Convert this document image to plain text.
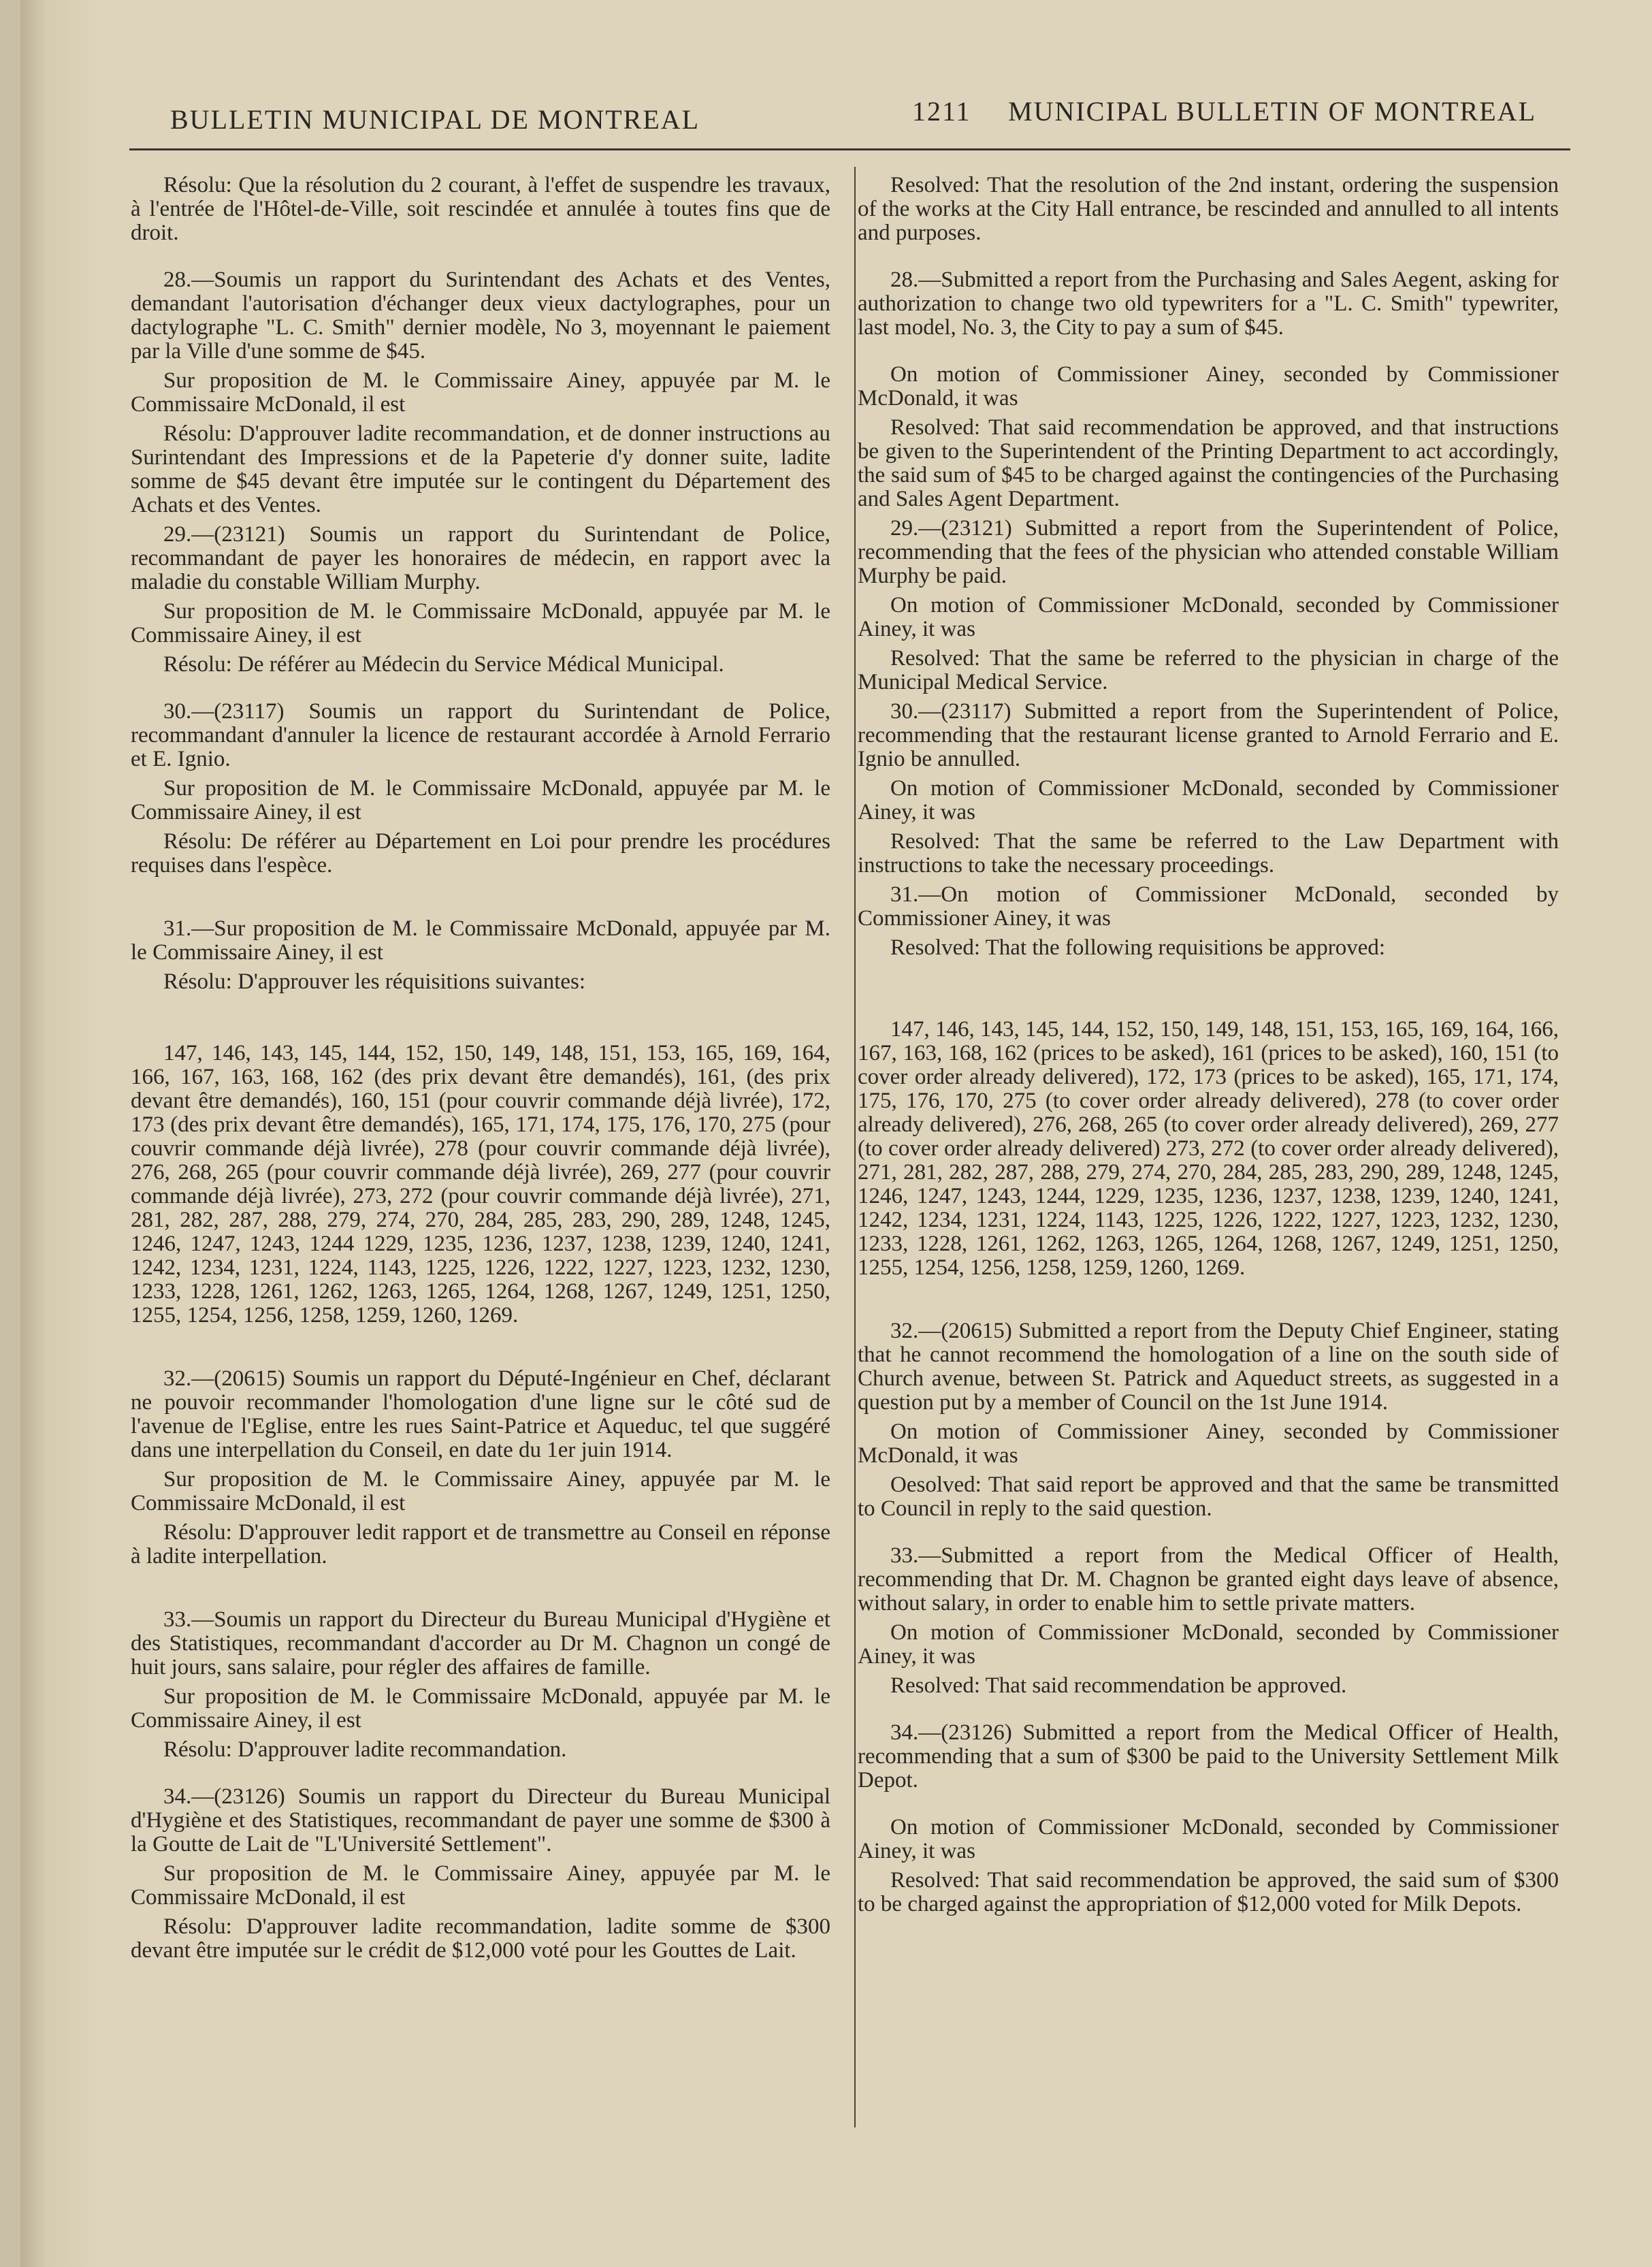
BULLETIN MUNICIPAL DE MONTREAL	1211 MUNICIPAL BULLETIN OF MONTREAL

Résolu: Que la résolution du 2 courant, à l'effet de suspendre les travaux, à l'entrée de l'Hôtel-de-Ville, soit rescindée et annulée à toutes fins que de droit.

28.—Soumis un rapport du Surintendant des Achats et des Ventes, demandant l'autorisation d'échanger deux vieux dactylographes, pour un dactylographe "L. C. Smith" dernier modèle, No 3, moyennant le paiement par la Ville d'une somme de $45.

Sur proposition de M. le Commissaire Ainey, appuyée par M. le Commissaire McDonald, il est

Résolu: D'approuver ladite recommandation, et de donner instructions au Surintendant des Impressions et de la Papeterie d'y donner suite, ladite somme de $45 devant être imputée sur le contingent du Département des Achats et des Ventes.

29.—(23121) Soumis un rapport du Surintendant de Police, recommandant de payer les honoraires de médecin, en rapport avec la maladie du constable William Murphy.

Sur proposition de M. le Commissaire McDonald, appuyée par M. le Commissaire Ainey, il est

Résolu: De référer au Médecin du Service Médical Municipal.

30.—(23117) Soumis un rapport du Surintendant de Police, recommandant d'annuler la licence de restaurant accordée à Arnold Ferrario et E. Ignio.

Sur proposition de M. le Commissaire McDonald, appuyée par M. le Commissaire Ainey, il est

Résolu: De référer au Département en Loi pour prendre les procédures requises dans l'espèce.

31.—Sur proposition de M. le Commissaire McDonald, appuyée par M. le Commissaire Ainey, il est

Résolu: D'approuver les réquisitions suivantes:

147, 146, 143, 145, 144, 152, 150, 149, 148, 151, 153, 165, 169, 164, 166, 167, 163, 168, 162 (des prix devant être demandés), 161, (des prix devant être demandés), 160, 151 (pour couvrir commande déjà livrée), 172, 173 (des prix devant être demandés), 165, 171, 174, 175, 176, 170, 275 (pour couvrir commande déjà livrée), 278 (pour couvrir commande déjà livrée), 276, 268, 265 (pour couvrir commande déjà livrée), 269, 277 (pour couvrir commande déjà livrée), 273, 272 (pour couvrir commande déjà livrée), 271, 281, 282, 287, 288, 279, 274, 270, 284, 285, 283, 290, 289, 1248, 1245, 1246, 1247, 1243, 1244 1229, 1235, 1236, 1237, 1238, 1239, 1240, 1241, 1242, 1234, 1231, 1224, 1143, 1225, 1226, 1222, 1227, 1223, 1232, 1230, 1233, 1228, 1261, 1262, 1263, 1265, 1264, 1268, 1267, 1249, 1251, 1250, 1255, 1254, 1256, 1258, 1259, 1260, 1269.

32.—(20615) Soumis un rapport du Député-Ingénieur en Chef, déclarant ne pouvoir recommander l'homologation d'une ligne sur le côté sud de l'avenue de l'Eglise, entre les rues Saint-Patrice et Aqueduc, tel que suggéré dans une interpellation du Conseil, en date du 1er juin 1914.

Sur proposition de M. le Commissaire Ainey, appuyée par M. le Commissaire McDonald, il est

Résolu: D'approuver ledit rapport et de transmettre au Conseil en réponse à ladite interpellation.

33.—Soumis un rapport du Directeur du Bureau Municipal d'Hygiène et des Statistiques, recommandant d'accorder au Dr M. Chagnon un congé de huit jours, sans salaire, pour régler des affaires de famille.

Sur proposition de M. le Commissaire McDonald, appuyée par M. le Commissaire Ainey, il est

Résolu: D'approuver ladite recommandation.

34.—(23126) Soumis un rapport du Directeur du Bureau Municipal d'Hygiène et des Statistiques, recommandant de payer une somme de $300 à la Goutte de Lait de "L'Université Settlement".

Sur proposition de M. le Commissaire Ainey, appuyée par M. le Commissaire McDonald, il est

Résolu: D'approuver ladite recommandation, ladite somme de $300 devant être imputée sur le crédit de $12,000 voté pour les Gouttes de Lait.

Resolved: That the resolution of the 2nd instant, ordering the suspension of the works at the City Hall entrance, be rescinded and annulled to all intents and purposes.

28.—Submitted a report from the Purchasing and Sales Aegent, asking for authorization to change two old typewriters for a "L. C. Smith" typewriter, last model, No. 3, the City to pay a sum of $45.

On motion of Commissioner Ainey, seconded by Commissioner McDonald, it was

Resolved: That said recommendation be approved, and that instructions be given to the Superintendent of the Printing Department to act accordingly, the said sum of $45 to be charged against the contingencies of the Purchasing and Sales Agent Department.

29.—(23121) Submitted a report from the Superintendent of Police, recommending that the fees of the physician who attended constable William Murphy be paid.

On motion of Commissioner McDonald, seconded by Commissioner Ainey, it was

Resolved: That the same be referred to the physician in charge of the Municipal Medical Service.

30.—(23117) Submitted a report from the Superintendent of Police, recommending that the restaurant license granted to Arnold Ferrario and E. Ignio be annulled.

On motion of Commissioner McDonald, seconded by Commissioner Ainey, it was

Resolved: That the same be referred to the Law Department with instructions to take the necessary proceedings.

31.—On motion of Commissioner McDonald, seconded by Commissioner Ainey, it was

Resolved: That the following requisitions be approved:

147, 146, 143, 145, 144, 152, 150, 149, 148, 151, 153, 165, 169, 164, 166, 167, 163, 168, 162 (prices to be asked), 161 (prices to be asked), 160, 151 (to cover order already delivered), 172, 173 (prices to be asked), 165, 171, 174, 175, 176, 170, 275 (to cover order already delivered), 278 (to cover order already delivered), 276, 268, 265 (to cover order already delivered), 269, 277 (to cover order already delivered) 273, 272 (to cover order already delivered), 271, 281, 282, 287, 288, 279, 274, 270, 284, 285, 283, 290, 289, 1248, 1245, 1246, 1247, 1243, 1244, 1229, 1235, 1236, 1237, 1238, 1239, 1240, 1241, 1242, 1234, 1231, 1224, 1143, 1225, 1226, 1222, 1227, 1223, 1232, 1230, 1233, 1228, 1261, 1262, 1263, 1265, 1264, 1268, 1267, 1249, 1251, 1250, 1255, 1254, 1256, 1258, 1259, 1260, 1269.

32.—(20615) Submitted a report from the Deputy Chief Engineer, stating that he cannot recommend the homologation of a line on the south side of Church avenue, between St. Patrick and Aqueduct streets, as suggested in a question put by a member of Council on the 1st June 1914.

On motion of Commissioner Ainey, seconded by Commissioner McDonald, it was

Oesolved: That said report be approved and that the same be transmitted to Council in reply to the said question.

33.—Submitted a report from the Medical Officer of Health, recommending that Dr. M. Chagnon be granted eight days leave of absence, without salary, in order to enable him to settle private matters.

On motion of Commissioner McDonald, seconded by Commissioner Ainey, it was

Resolved: That said recommendation be approved.

34.—(23126) Submitted a report from the Medical Officer of Health, recommending that a sum of $300 be paid to the University Settlement Milk Depot.

On motion of Commissioner McDonald, seconded by Commissioner Ainey, it was

Resolved: That said recommendation be approved, the said sum of $300 to be charged against the appropriation of $12,000 voted for Milk Depots.
